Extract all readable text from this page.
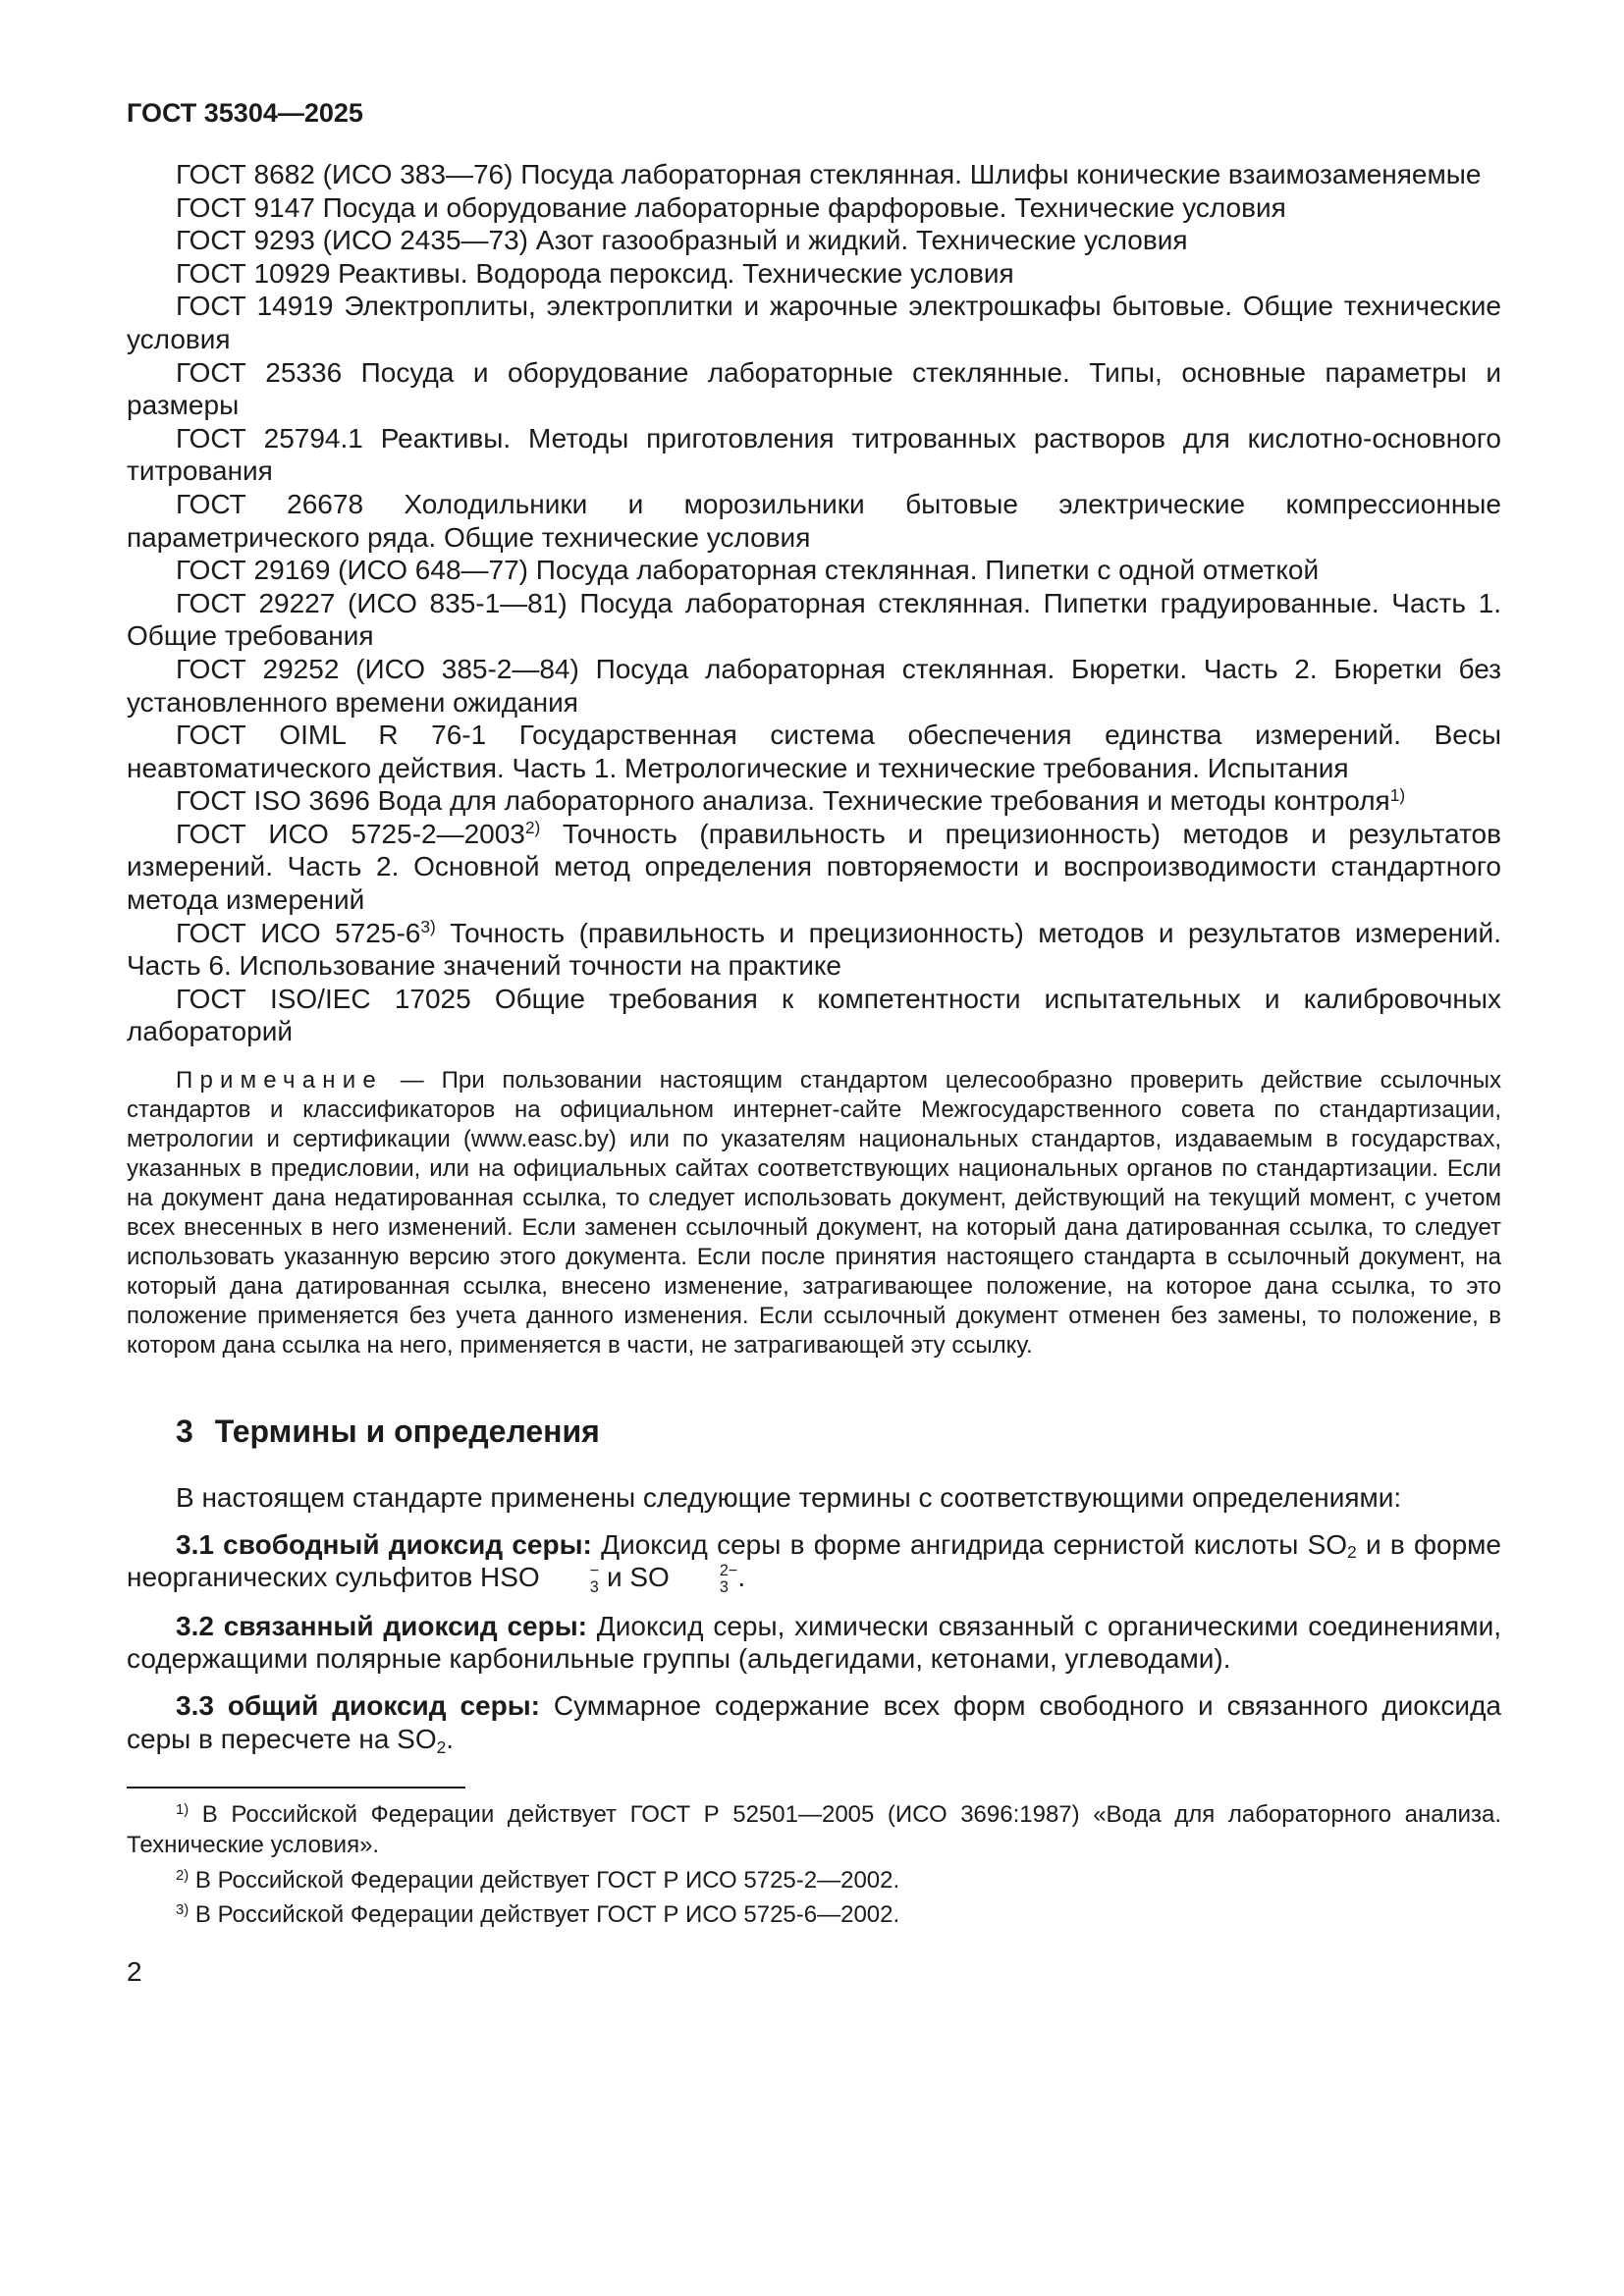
ГОСТ 35304—2025

ГОСТ 8682 (ИСО 383—76) Посуда лабораторная стеклянная. Шлифы конические взаимозаменяемые

ГОСТ 9147 Посуда и оборудование лабораторные фарфоровые. Технические условия

ГОСТ 9293 (ИСО 2435—73) Азот газообразный и жидкий. Технические условия

ГОСТ 10929 Реактивы. Водорода пероксид. Технические условия

ГОСТ 14919 Электроплиты, электроплитки и жарочные электрошкафы бытовые. Общие технические условия

ГОСТ 25336 Посуда и оборудование лабораторные стеклянные. Типы, основные параметры и размеры

ГОСТ 25794.1 Реактивы. Методы приготовления титрованных растворов для кислотно-основного титрования

ГОСТ 26678 Холодильники и морозильники бытовые электрические компрессионные параметрического ряда. Общие технические условия

ГОСТ 29169 (ИСО 648—77) Посуда лабораторная стеклянная. Пипетки с одной отметкой

ГОСТ 29227 (ИСО 835-1—81) Посуда лабораторная стеклянная. Пипетки градуированные. Часть 1. Общие требования

ГОСТ 29252 (ИСО 385-2—84) Посуда лабораторная стеклянная. Бюретки. Часть 2. Бюретки без установленного времени ожидания

ГОСТ OIML R 76-1 Государственная система обеспечения единства измерений. Весы неавтоматического действия. Часть 1. Метрологические и технические требования. Испытания

ГОСТ ISO 3696 Вода для лабораторного анализа. Технические требования и методы контроля$^{1)}$

ГОСТ ИСО 5725-2—2003$^{2)}$ Точность (правильность и прецизионность) методов и результатов измерений. Часть 2. Основной метод определения повторяемости и воспроизводимости стандартного метода измерений

ГОСТ ИСО 5725-6$^{3)}$ Точность (правильность и прецизионность) методов и результатов измерений. Часть 6. Использование значений точности на практике

ГОСТ ISO/IEC 17025 Общие требования к компетентности испытательных и калибровочных лабораторий

Примечание — При пользовании настоящим стандартом целесообразно проверить действие ссылочных стандартов и классификаторов на официальном интернет-сайте Межгосударственного совета по стандартизации, метрологии и сертификации (www.easc.by) или по указателям национальных стандартов, издаваемым в государствах, указанных в предисловии, или на официальных сайтах соответствующих национальных органов по стандартизации. Если на документ дана недатированная ссылка, то следует использовать документ, действующий на текущий момент, с учетом всех внесенных в него изменений. Если заменен ссылочный документ, на который дана датированная ссылка, то следует использовать указанную версию этого документа. Если после принятия настоящего стандарта в ссылочный документ, на который дана датированная ссылка, внесено изменение, затрагивающее положение, на которое дана ссылка, то это положение применяется без учета данного изменения. Если ссылочный документ отменен без замены, то положение, в котором дана ссылка на него, применяется в части, не затрагивающей эту ссылку.

3 Термины и определения

В настоящем стандарте применены следующие термины с соответствующими определениями:

3.1 свободный диоксид серы: Диоксид серы в форме ангидрида сернистой кислоты $SO_2$ и в форме неорганических сульфитов HSO	−
3 и SO	2−
3 .

3.2 связанный диоксид серы: Диоксид серы, химически связанный с органическими соединениями, содержащими полярные карбонильные группы (альдегидами, кетонами, углеводами).

3.3 общий диоксид серы: Суммарное содержание всех форм свободного и связанного диоксида серы в пересчете на $SO_2$.

$^{1)}$ В Российской Федерации действует ГОСТ Р 52501—2005 (ИСО 3696:1987) «Вода для лабораторного анализа. Технические условия».

$^{2)}$ В Российской Федерации действует ГОСТ Р ИСО 5725-2—2002.

$^{3)}$ В Российской Федерации действует ГОСТ Р ИСО 5725-6—2002.

2
